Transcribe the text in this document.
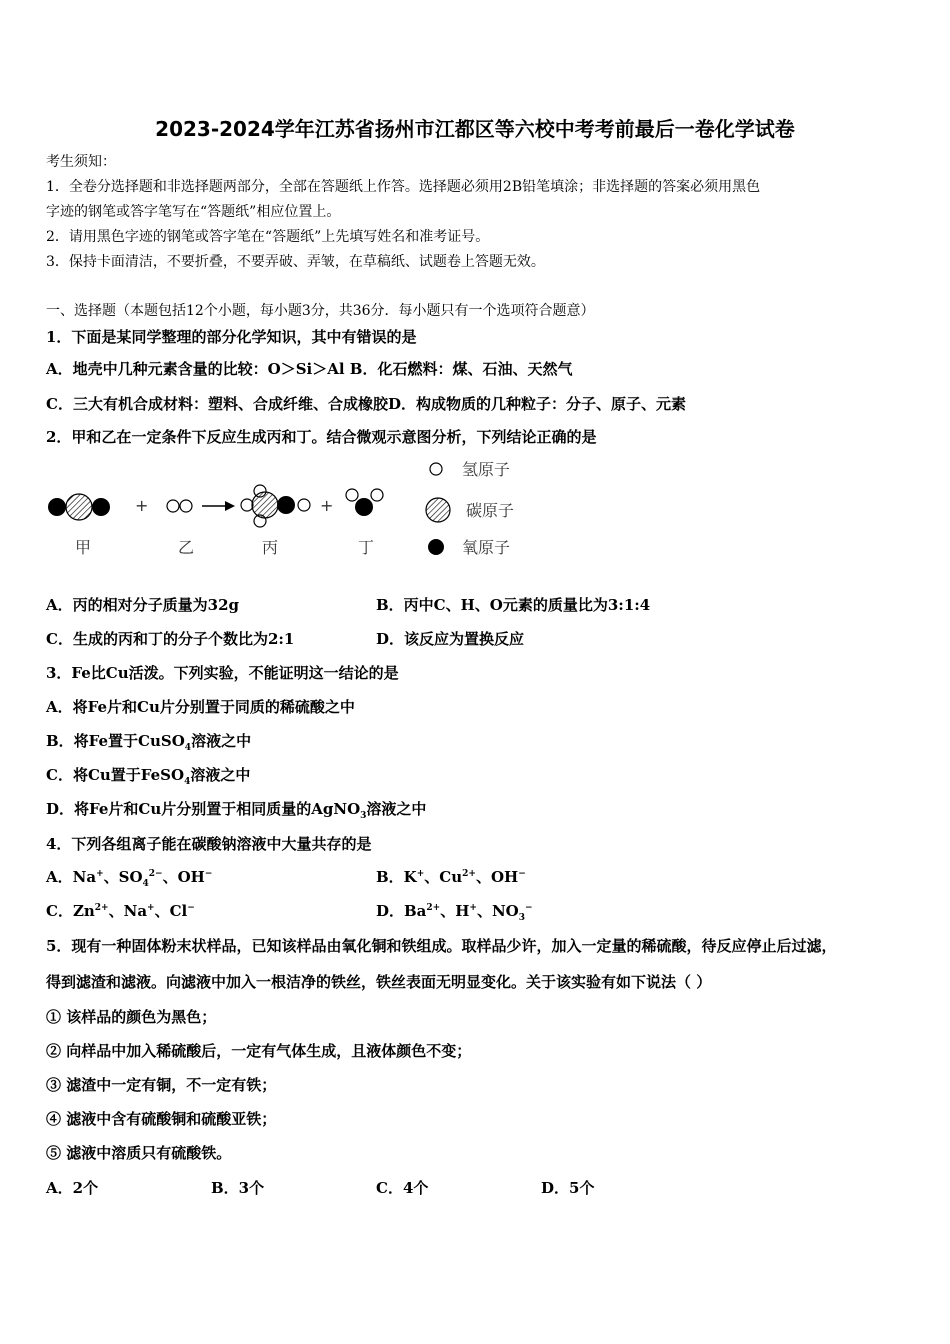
2023-2024学年江苏省扬州市江都区等六校中考考前最后一卷化学试卷
考生须知：
1．全卷分选择题和非选择题两部分，全部在答题纸上作答。选择题必须用2B铅笔填涂；非选择题的答案必须用黑色
字迹的钢笔或答字笔写在“答题纸”相应位置上。
2．请用黑色字迹的钢笔或答字笔在“答题纸”上先填写姓名和准考证号。
3．保持卡面清洁，不要折叠，不要弄破、弄皱，在草稿纸、试题卷上答题无效。
一、选择题（本题包括12个小题，每小题3分，共36分．每小题只有一个选项符合题意）
1．下面是某同学整理的部分化学知识，其中有错误的是
A．地壳中几种元素含量的比较：O＞Si＞Al B．化石燃料：煤、石油、天然气
C．三大有机合成材料：塑料、合成纤维、合成橡胶D．构成物质的几种粒子：分子、原子、元素
2．甲和乙在一定条件下反应生成丙和丁。结合微观示意图分析，下列结论正确的是
+	+
甲	乙	丙	丁
氢原子
碳原子
氧原子
A．丙的相对分子质量为32g	B．丙中C、H、O元素的质量比为3:1:4
C．生成的丙和丁的分子个数比为2:1	D．该反应为置换反应
3．Fe比Cu活泼。下列实验，不能证明这一结论的是
A．将Fe片和Cu片分别置于同质的稀硫酸之中
B．将Fe置于CuSO$_4$溶液之中
C．将Cu置于FeSO$_4$溶液之中
D．将Fe片和Cu片分别置于相同质量的AgNO$_3$溶液之中
4．下列各组离子能在碳酸钠溶液中大量共存的是
A．Na+、$SO_4^{2-}$、OH−	B．K+、$Cu^{2+}$、OH−
C．$Zn^{2+}$、Na+、Cl−	D．$Ba^{2+}$、H+、$NO_3^-$
5．现有一种固体粉末状样品，已知该样品由氧化铜和铁组成。取样品少许，加入一定量的稀硫酸，待反应停止后过滤，
得到滤渣和滤液。向滤液中加入一根洁净的铁丝，铁丝表面无明显变化。关于该实验有如下说法（ ）
① 该样品的颜色为黑色；
② 向样品中加入稀硫酸后，一定有气体生成，且液体颜色不变；
③ 滤渣中一定有铜，不一定有铁；
④ 滤液中含有硫酸铜和硫酸亚铁；
⑤ 滤液中溶质只有硫酸铁。
A．2个	B．3个	C．4个	D．5个
